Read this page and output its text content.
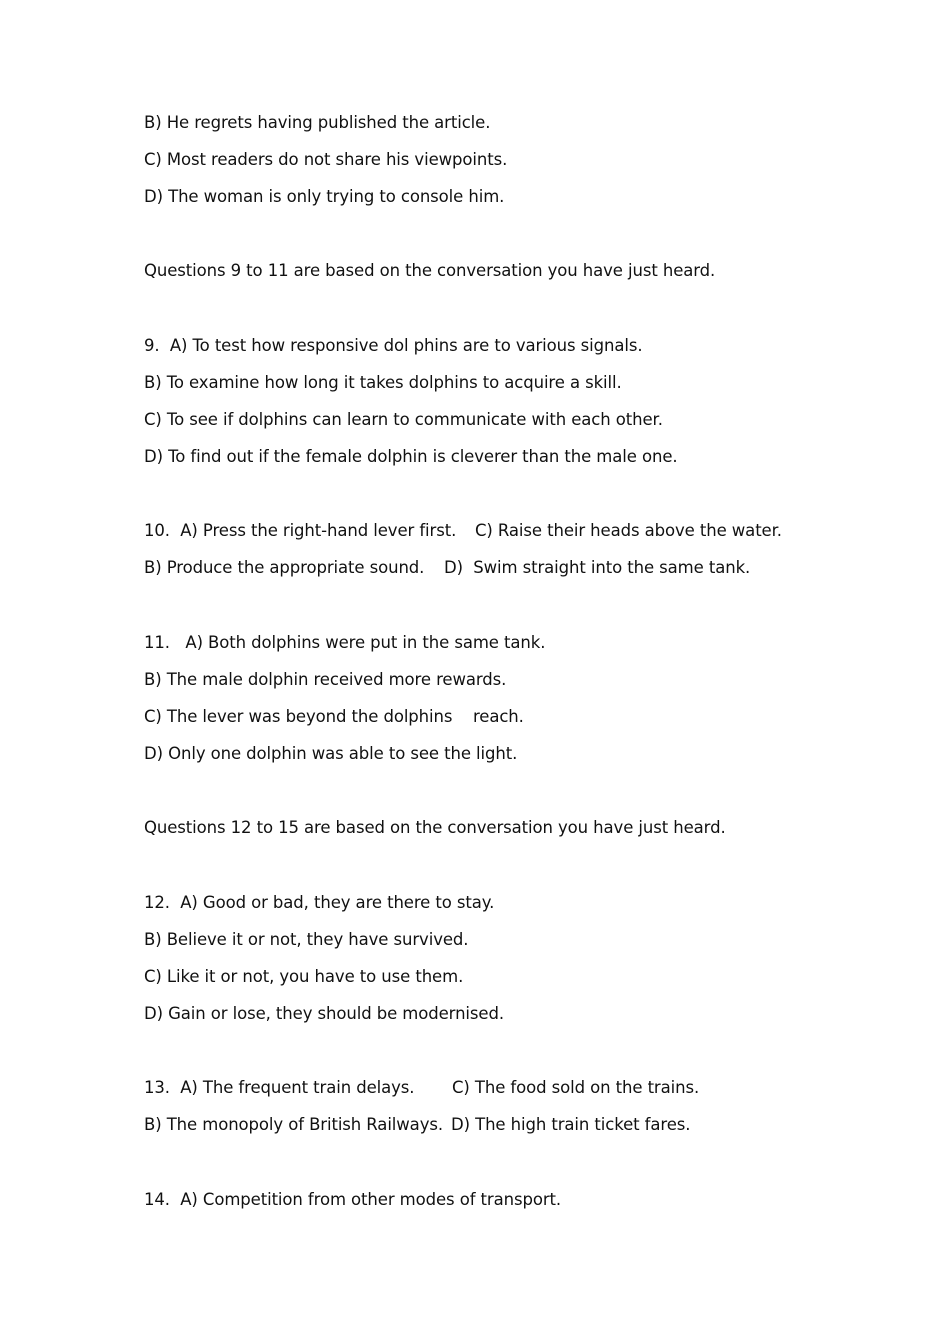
B) He regrets having published the article.
C) Most readers do not share his viewpoints.
D) The woman is only trying to console him.
Questions 9 to 11 are based on the conversation you have just heard.
9.  A) To test how responsive dol phins are to various signals.
B) To examine how long it takes dolphins to acquire a skill.
C) To see if dolphins can learn to communicate with each other.
D) To find out if the female dolphin is cleverer than the male one.
10.  A) Press the right-hand lever first. C) Raise their heads above the water.
B) Produce the appropriate sound. D)  Swim straight into the same tank.
11.   A) Both dolphins were put in the same tank.
B) The male dolphin received more rewards.
C) The lever was beyond the dolphins    reach.
D) Only one dolphin was able to see the light.
Questions 12 to 15 are based on the conversation you have just heard.
12.  A) Good or bad, they are there to stay.
B) Believe it or not, they have survived.
C) Like it or not, you have to use them.
D) Gain or lose, they should be modernised.
13.  A) The frequent train delays. C) The food sold on the trains.
B) The monopoly of British Railways. D) The high train ticket fares.
14.  A) Competition from other modes of transport.
